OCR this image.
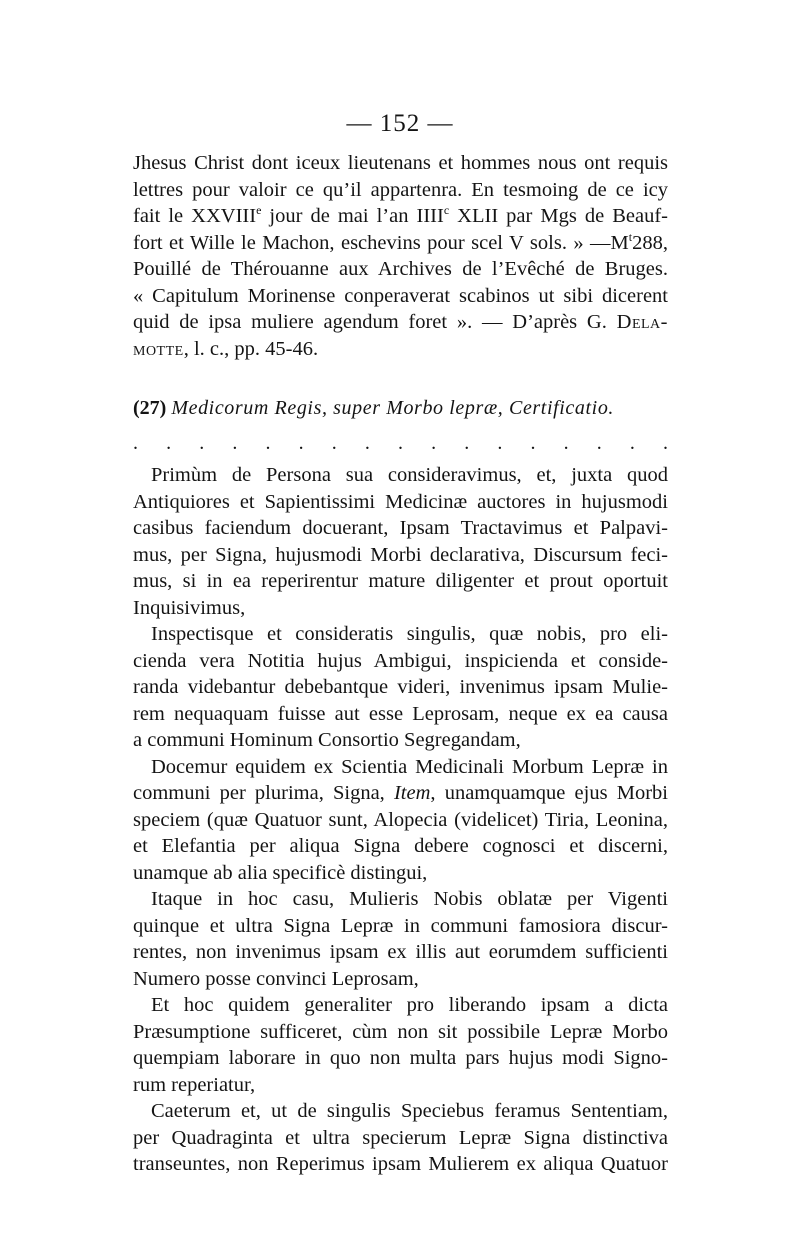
— 152 —
Jhesus Christ dont iceux lieutenans et hommes nous ont requis
lettres pour valoir ce qu’il appartenra. En tesmoing de ce icy
fait le XXVIIIe jour de mai l’an IIII$^c$ XLII par Mgs de Beauf-
fort et Wille le Machon, eschevins pour scel V sols. » $—M^t288$,
Pouillé de Thérouanne aux Archives de l’Evêché de Bruges.
« Capitulum Morinense conperaverat scabinos ut sibi dicerent
quid de ipsa muliere agendum foret ». — D’après G. Dela-
motte, l. c., pp. 45-46.
(27) Medicorum Regis, super Morbo lepræ, Certificatio.
. . . . . . . . . . . . . . . . .
Primùm de Persona sua consideravimus, et, juxta quod
Antiquiores et Sapientissimi Medicinæ auctores in hujusmodi
casibus faciendum docuerant, Ipsam Tractavimus et Palpavi-
mus, per Signa, hujusmodi Morbi declarativa, Discursum feci-
mus, si in ea reperirentur mature diligenter et prout oportuit
Inquisivimus,
Inspectisque et consideratis singulis, quæ nobis, pro eli-
cienda vera Notitia hujus Ambigui, inspicienda et conside-
randa videbantur debebantque videri, invenimus ipsam Mulie-
rem nequaquam fuisse aut esse Leprosam, neque ex ea causa
a communi Hominum Consortio Segregandam,
Docemur equidem ex Scientia Medicinali Morbum Lepræ in
communi per plurima, Signa, Item, unamquamque ejus Morbi
speciem (quæ Quatuor sunt, Alopecia (videlicet) Tiria, Leonina,
et Elefantia per aliqua Signa debere cognosci et discerni,
unamque ab alia specificè distingui,
Itaque in hoc casu, Mulieris Nobis oblatæ per Vigenti
quinque et ultra Signa Lepræ in communi famosiora discur-
rentes, non invenimus ipsam ex illis aut eorumdem sufficienti
Numero posse convinci Leprosam,
Et hoc quidem generaliter pro liberando ipsam a dicta
Præsumptione sufficeret, cùm non sit possibile Lepræ Morbo
quempiam laborare in quo non multa pars hujus modi Signo-
rum reperiatur,
Caeterum et, ut de singulis Speciebus feramus Sententiam,
per Quadraginta et ultra specierum Lepræ Signa distinctiva
transeuntes, non Reperimus ipsam Mulierem ex aliqua Quatuor
